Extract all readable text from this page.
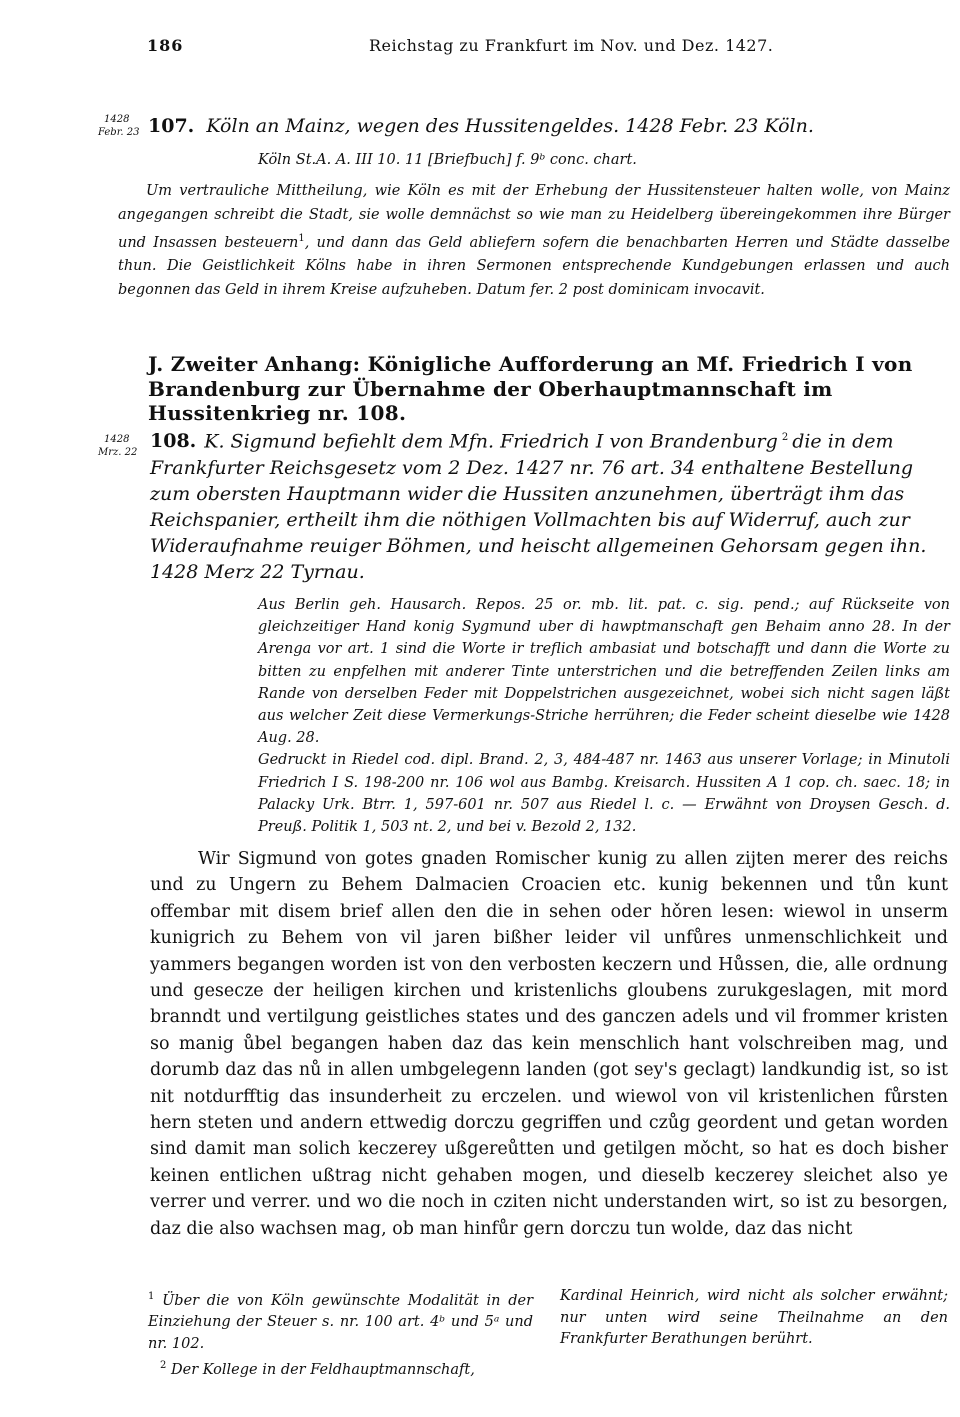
186	Reichstag zu Frankfurt im Nov. und Dez. 1427.
1428
Febr. 23 107. Köln an Mainz, wegen des Hussitengeldes. 1428 Febr. 23 Köln.
Köln St.A. A. III 10. 11 [Briefbuch] f. 9ᵇ conc. chart.

Um vertrauliche Mittheilung, wie Köln es mit der Erhebung der Hussitensteuer halten wolle, von Mainz angegangen schreibt die Stadt, sie wolle demnächst so wie man zu Heidelberg übereingekommen ihre Bürger und Insassen besteuern$^1$, und dann das Geld abliefern sofern die benachbarten Herren und Städte dasselbe thun. Die Geistlichkeit Kölns habe in ihren Sermonen entsprechende Kundgebungen erlassen und auch begonnen das Geld in ihrem Kreise aufzuheben. Datum fer. 2 post dominicam invocavit.

J. Zweiter Anhang: Königliche Aufforderung an Mf. Friedrich I von Brandenburg zur Übernahme der Oberhauptmannschaft im Hussitenkrieg nr. 108.
1428
Mrz. 22
108. K. Sigmund befiehlt dem Mfn. Friedrich I von Brandenburg $^2$ die in dem Frankfurter Reichsgesetz vom 2 Dez. 1427 nr. 76 art. 34 enthaltene Bestellung zum obersten Hauptmann wider die Hussiten anzunehmen, überträgt ihm das Reichspanier, ertheilt ihm die nöthigen Vollmachten bis auf Widerruf, auch zur Wideraufnahme reuiger Böhmen, und heischt allgemeinen Gehorsam gegen ihn. 1428 Merz 22 Tyrnau.

Aus Berlin geh. Hausarch. Repos. 25 or. mb. lit. pat. c. sig. pend.; auf Rückseite von gleichzeitiger Hand konig Sygmund uber di hawptmanschaft gen Behaim anno 28. In der Arenga vor art. 1 sind die Worte ir treflich ambasiat und botschafft und dann die Worte zu bitten zu enpfelhen mit anderer Tinte unterstrichen und die betreffenden Zeilen links am Rande von derselben Feder mit Doppelstrichen ausgezeichnet, wobei sich nicht sagen läßt aus welcher Zeit diese Vermerkungs-Striche herrühren; die Feder scheint dieselbe wie 1428 Aug. 28.

Gedruckt in Riedel cod. dipl. Brand. 2, 3, 484-487 nr. 1463 aus unserer Vorlage; in Minutoli Friedrich I S. 198-200 nr. 106 wol aus Bambg. Kreisarch. Hussiten A 1 cop. ch. saec. 18; in Palacky Urk. Btrr. 1, 597-601 nr. 507 aus Riedel l. c. — Erwähnt von Droysen Gesch. d. Preuß. Politik 1, 503 nt. 2, und bei v. Bezold 2, 132.

Wir Sigmund von gotes gnaden Romischer kunig zu allen zijten merer des reichs und zu Ungern zu Behem Dalmacien Croacien etc. kunig bekennen und tůn kunt offembar mit disem brief allen den die in sehen oder hǒren lesen: wiewol in unserm kunigrich zu Behem von vil jaren bißher leider vil unfůres unmenschlichkeit und yammers begangen worden ist von den verbosten keczern und Hůssen, die, alle ordnung und gesecze der heiligen kirchen und kristenlichs gloubens zurukgeslagen, mit mord branndt und vertilgung geistliches states und des ganczen adels und vil frommer kristen so manig ůbel begangen haben daz das kein menschlich hant volschreiben mag, und dorumb daz das nů in allen umbgelegenn landen (got sey's geclagt) landkundig ist, so ist nit notdurfftig das insunderheit zu erczelen. und wiewol von vil kristenlichen fůrsten hern steten und andern ettwedig dorczu gegriffen und czůg geordent und getan worden sind damit man solich keczerey ußgereůtten und getilgen mǒcht, so hat es doch bisher keinen entlichen ußtrag nicht gehaben mogen, und dieselb keczerey sleichet also ye verrer und verrer. und wo die noch in cziten nicht understanden wirt, so ist zu besorgen, daz die also wachsen mag, ob man hinfůr gern dorczu tun wolde, daz das nicht

$^1$ Über die von Köln gewünschte Modalität in der Einziehung der Steuer s. nr. 100 art. 4ᵇ und 5ᵃ und nr. 102.

$^2$ Der Kollege in der Feldhauptmannschaft,

Kardinal Heinrich, wird nicht als solcher erwähnt; nur unten wird seine Theilnahme an den Frankfurter Berathungen berührt.
